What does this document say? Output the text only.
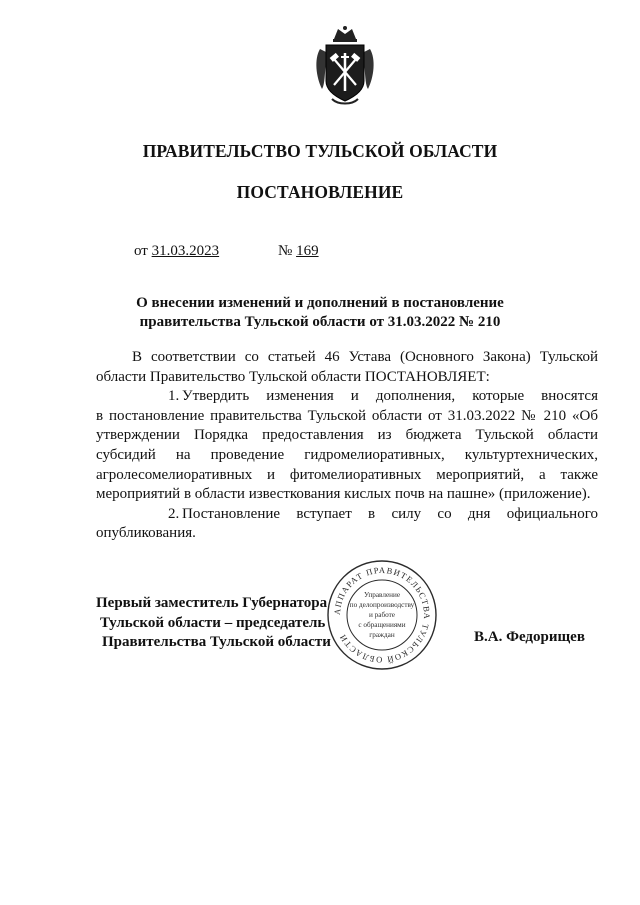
ПРАВИТЕЛЬСТВО ТУЛЬСКОЙ ОБЛАСТИ
ПОСТАНОВЛЕНИЕ
от 31.03.2023	№ 169
О внесении изменений и дополнений в постановление
правительства Тульской области от 31.03.2022 № 210

В соответствии со статьей 46 Устава (Основного Закона) Тульской области Правительство Тульской области ПОСТАНОВЛЯЕТ:

1. Утвердить изменения и дополнения, которые вносятся

в постановление правительства Тульской области от 31.03.2022 № 210 «Об утверждении Порядка предоставления из бюджета Тульской области субсидий на проведение гидромелиоративных, культуртехнических, агролесомелиоративных и фитомелиоративных мероприятий, а также мероприятий в области известкования кислых почв на пашне» (приложение).

2. Постановление вступает в силу со дня официального

опубликования.

Первый заместитель Губернатора
Тульской области – председатель
Правительства Тульской области	В.А. Федорищев
АППАРАТ ПРАВИТЕЛЬСТВА ТУЛЬСКОЙ ОБЛАСТИ
Управление
по делопроизводству
и работе
с обращениями
граждан
